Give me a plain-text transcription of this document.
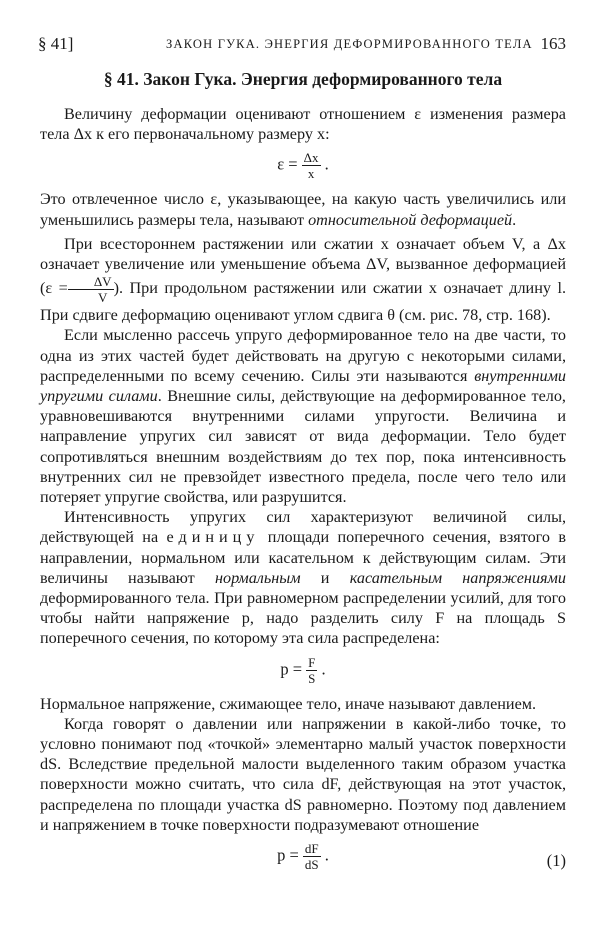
§ 41]	ЗАКОН ГУКА. ЭНЕРГИЯ ДЕФОРМИРОВАННОГО ТЕЛА 163
§ 41. Закон Гука. Энергия деформированного тела

Величину деформации оценивают отношением ε изменения размера тела Δx к его первоначальному размеру x:

$\varepsilon = \frac{\Delta x}{x}$ .

Это отвлеченное число ε, указывающее, на какую часть увеличились или уменьшились размеры тела, называют относительной деформацией.

При всестороннем растяжении или сжатии x означает объем V, а Δx означает увеличение или уменьшение объема ΔV, вызванное деформацией ($\varepsilon = \frac{\Delta V}{V}$ ). При продольном растяжении или сжатии x означает длину l. При сдвиге деформацию оценивают углом сдвига θ (см. рис. 78, стр. 168).

Если мысленно рассечь упруго деформированное тело на две части, то одна из этих частей будет действовать на другую с некоторыми силами, распределенными по всему сечению. Силы эти называются внутренними упругими силами. Внешние силы, действующие на деформированное тело, уравновешиваются внутренними силами упругости. Величина и направление упругих сил зависят от вида деформации. Тело будет сопротивляться внешним воздействиям до тех пор, пока интенсивность внутренних сил не превзойдет известного предела, после чего тело или потеряет упругие свойства, или разрушится.

Интенсивность упругих сил характеризуют величиной силы, действующей на единицу площади поперечного сечения, взятого в направлении, нормальном или касательном к действующим силам. Эти величины называют нормальным и касательным напряжениями деформированного тела. При равномерном распределении усилий, для того чтобы найти напряжение p, надо разделить силу F на площадь S поперечного сечения, по которому эта сила распределена:

$p = \frac{F}{S}$ .

Нормальное напряжение, сжимающее тело, иначе называют давлением.

Когда говорят о давлении или напряжении в какой-либо точке, то условно понимают под «точкой» элементарно малый участок поверхности dS. Вследствие предельной малости выделенного таким образом участка поверхности можно считать, что сила dF, действующая на этот участок, распределена по площади участка dS равномерно. Поэтому под давлением и напряжением в точке поверхности подразумевают отношение

$p = \frac{dF}{dS}$ .	(1)
